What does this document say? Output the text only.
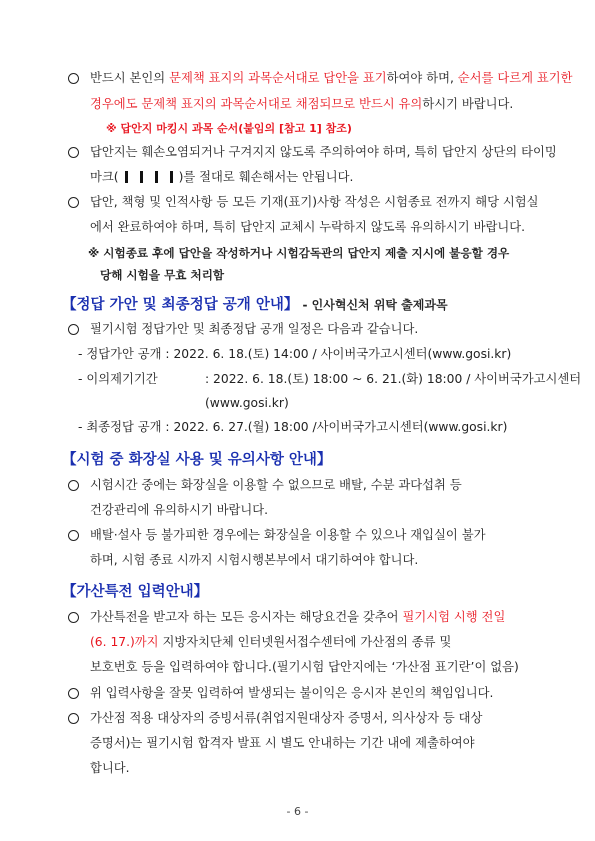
반드시 본인의 문제책 표지의 과목순서대로 답안을 표기하여야 하며, 순서를 다르게 표기한
경우에도 문제책 표지의 과목순서대로 채점되므로 반드시 유의하시기 바랍니다.
※ 답안지 마킹시 과목 순서(붙임의 [참고 1] 참조)
답안지는 훼손오염되거나 구겨지지 않도록 주의하여야 하며, 특히 답안지 상단의 타이밍
마크(	)를 절대로 훼손해서는 안됩니다.
답안, 책형 및 인적사항 등 모든 기재(표기)사항 작성은 시험종료 전까지 해당 시험실
에서 완료하여야 하며, 특히 답안지 교체시 누락하지 않도록 유의하시기 바랍니다.
※ 시험종료 후에 답안을 작성하거나 시험감독관의 답안지 제출 지시에 불응할 경우
당해 시험을 무효 처리함
【정답 가안 및 최종정답 공개 안내】 - 인사혁신처 위탁 출제과목
필기시험 정답가안 및 최종정답 공개 일정은 다음과 같습니다.
- 정답가안 공개 : 2022. 6. 18.(토) 14:00 / 사이버국가고시센터(www.gosi.kr)
- 이의제기기간	: 2022. 6. 18.(토) 18:00 ~ 6. 21.(화) 18:00 / 사이버국가고시센터
(www.gosi.kr)
- 최종정답 공개 : 2022. 6. 27.(월) 18:00 /사이버국가고시센터(www.gosi.kr)
【시험 중 화장실 사용 및 유의사항 안내】
시험시간 중에는 화장실을 이용할 수 없으므로 배탈, 수분 과다섭취 등
건강관리에 유의하시기 바랍니다.
배탈·설사 등 불가피한 경우에는 화장실을 이용할 수 있으나 재입실이 불가
하며, 시험 종료 시까지 시험시행본부에서 대기하여야 합니다.
【가산특전 입력안내】
가산특전을 받고자 하는 모든 응시자는 해당요건을 갖추어 필기시험 시행 전일
(6. 17.)까지 지방자치단체 인터넷원서접수센터에 가산점의 종류 및
보호번호 등을 입력하여야 합니다.(필기시험 답안지에는 ‘가산점 표기란’이 없음)
위 입력사항을 잘못 입력하여 발생되는 불이익은 응시자 본인의 책임입니다.
가산점 적용 대상자의 증빙서류(취업지원대상자 증명서, 의사상자 등 대상
증명서)는 필기시험 합격자 발표 시 별도 안내하는 기간 내에 제출하여야
합니다.
- 6 -
